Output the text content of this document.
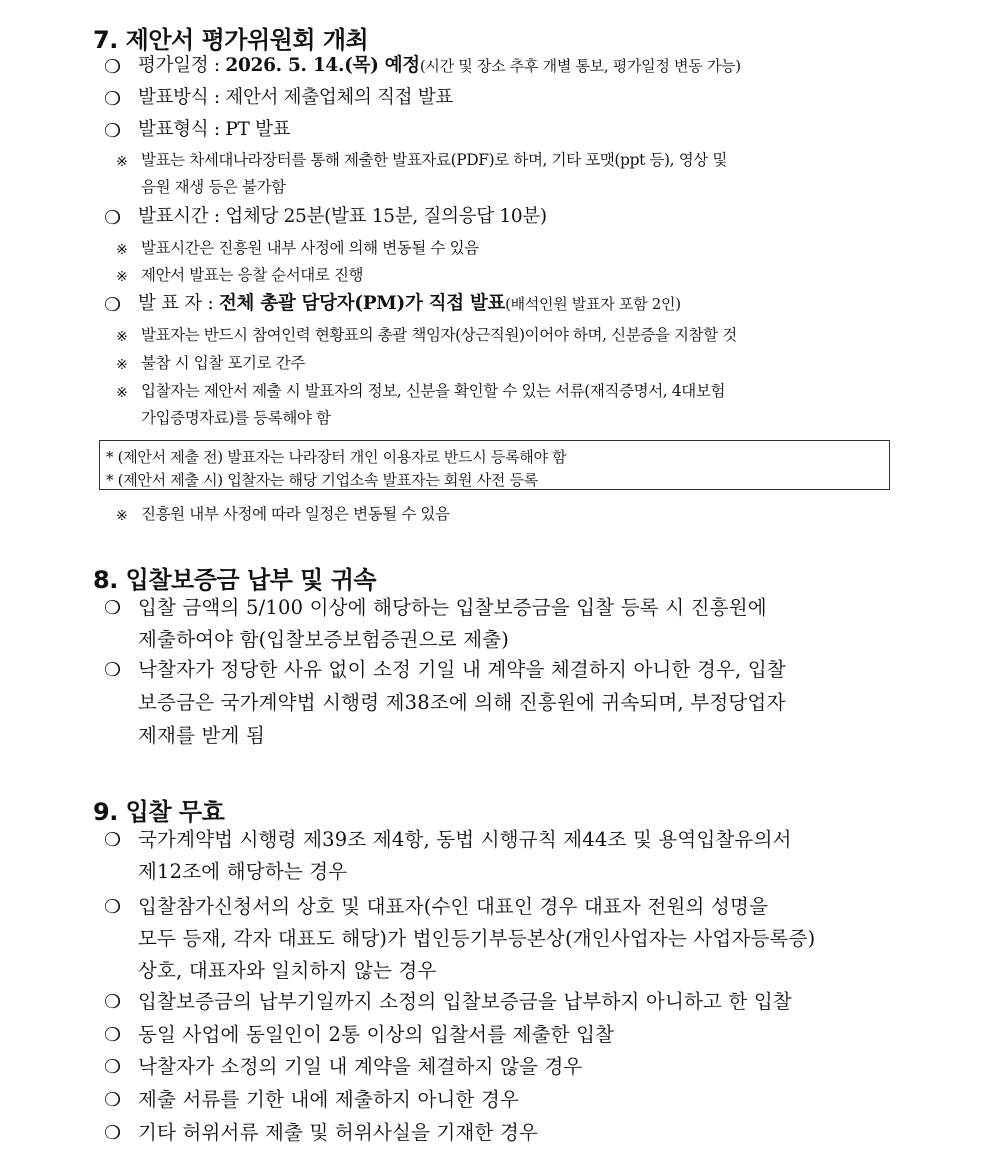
7. 제안서 평가위원회 개최
❍ 평가일정 : 2026. 5. 14.(목) 예정(시간 및 장소 추후 개별 통보, 평가일정 변동 가능)
❍ 발표방식 : 제안서 제출업체의 직접 발표
❍ 발표형식 : PT 발표
※ 발표는 차세대나라장터를 통해 제출한 발표자료(PDF)로 하며, 기타 포맷(ppt 등), 영상 및
음원 재생 등은 불가함
❍ 발표시간 : 업체당 25분(발표 15분, 질의응답 10분)
※ 발표시간은 진흥원 내부 사정에 의해 변동될 수 있음
※ 제안서 발표는 응찰 순서대로 진행
❍ 발 표 자 : 전체 총괄 담당자(PM)가 직접 발표(배석인원 발표자 포함 2인)
※ 발표자는 반드시 참여인력 현황표의 총괄 책임자(상근직원)이어야 하며, 신분증을 지참할 것
※ 불참 시 입찰 포기로 간주
※ 입찰자는 제안서 제출 시 발표자의 정보, 신분을 확인할 수 있는 서류(재직증명서, 4대보험
가입증명자료)를 등록해야 함
* (제안서 제출 전) 발표자는 나라장터 개인 이용자로 반드시 등록해야 함
* (제안서 제출 시) 입찰자는 해당 기업소속 발표자는 회원 사전 등록
※ 진흥원 내부 사정에 따라 일정은 변동될 수 있음
8. 입찰보증금 납부 및 귀속
❍ 입찰 금액의 5/100 이상에 해당하는 입찰보증금을 입찰 등록 시 진흥원에
제출하여야 함(입찰보증보험증권으로 제출)
❍ 낙찰자가 정당한 사유 없이 소정 기일 내 계약을 체결하지 아니한 경우, 입찰
보증금은 국가계약법 시행령 제38조에 의해 진흥원에 귀속되며, 부정당업자
제재를 받게 됨
9. 입찰 무효
❍ 국가계약법 시행령 제39조 제4항, 동법 시행규칙 제44조 및 용역입찰유의서
제12조에 해당하는 경우
❍ 입찰참가신청서의 상호 및 대표자(수인 대표인 경우 대표자 전원의 성명을
모두 등재, 각자 대표도 해당)가 법인등기부등본상(개인사업자는 사업자등록증)
상호, 대표자와 일치하지 않는 경우
❍ 입찰보증금의 납부기일까지 소정의 입찰보증금을 납부하지 아니하고 한 입찰
❍ 동일 사업에 동일인이 2통 이상의 입찰서를 제출한 입찰
❍ 낙찰자가 소정의 기일 내 계약을 체결하지 않을 경우
❍ 제출 서류를 기한 내에 제출하지 아니한 경우
❍ 기타 허위서류 제출 및 허위사실을 기재한 경우
